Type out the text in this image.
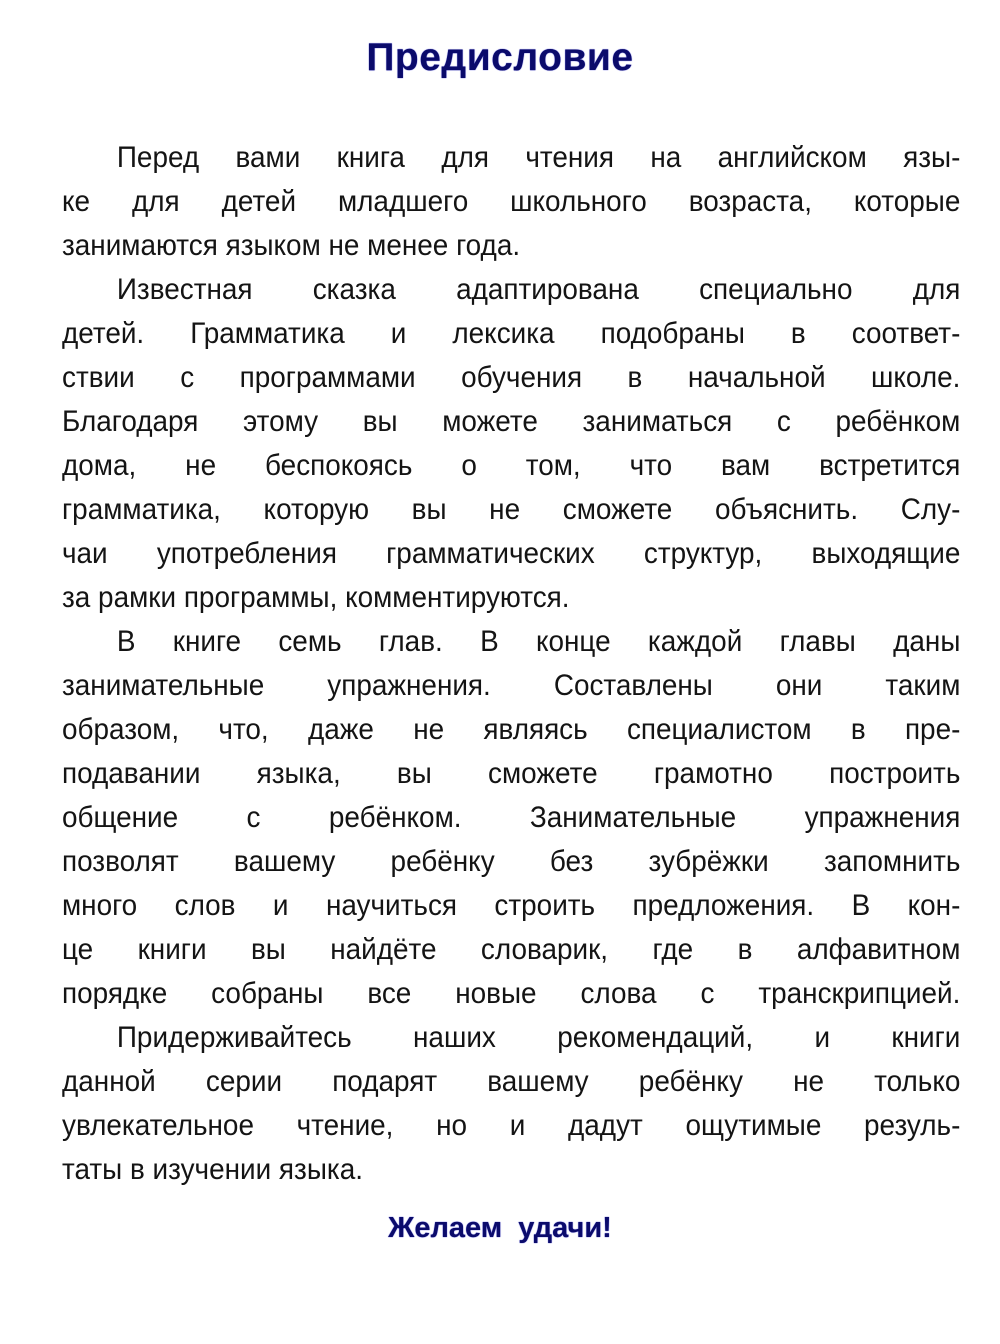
Предисловие
Перед вами книга для чтения на английском язы-
ке для детей младшего школьного возраста, которые
занимаются языком не менее года.
Известная сказка адаптирована специально для
детей. Грамматика и лексика подобраны в соответ-
ствии с программами обучения в начальной школе.
Благодаря этому вы можете заниматься с ребёнком
дома, не беспокоясь о том, что вам встретится
грамматика, которую вы не сможете объяснить. Слу-
чаи употребления грамматических структур, выходящие
за рамки программы, комментируются.
В книге семь глав. В конце каждой главы даны
занимательные упражнения. Составлены они таким
образом, что, даже не являясь специалистом в пре-
подавании языка, вы сможете грамотно построить
общение с ребёнком. Занимательные упражнения
позволят вашему ребёнку без зубрёжки запомнить
много слов и научиться строить предложения. В кон-
це книги вы найдёте словарик, где в алфавитном
порядке собраны все новые слова с транскрипцией.
Придерживайтесь наших рекомендаций, и книги
данной серии подарят вашему ребёнку не только
увлекательное чтение, но и дадут ощутимые резуль-
таты в изучении языка.
Желаем удачи!
